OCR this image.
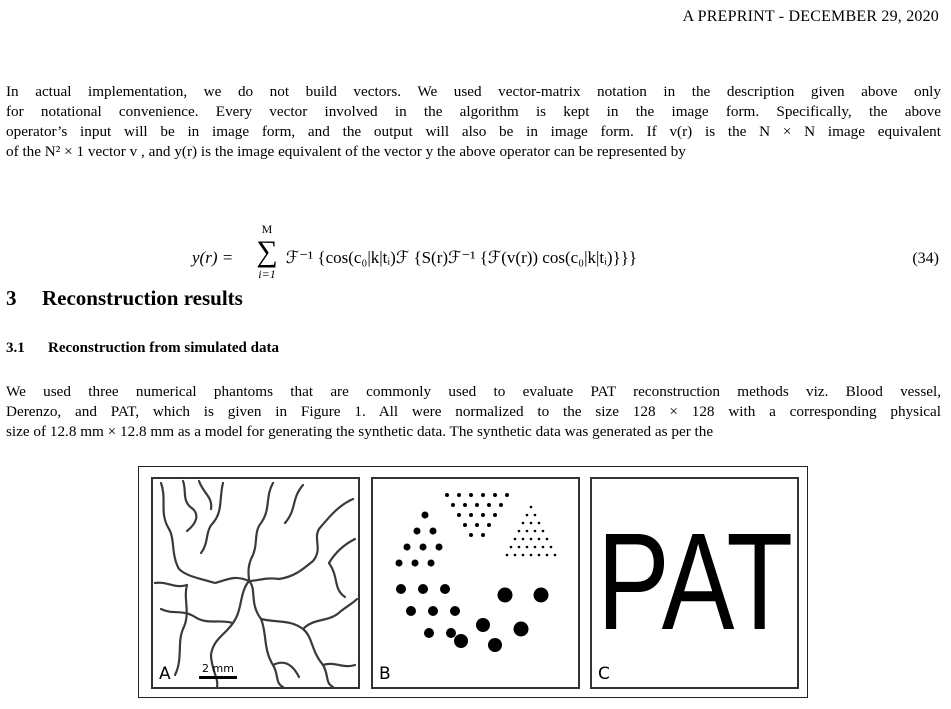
A PREPRINT - DECEMBER 29, 2020

In actual implementation, we do not build vectors. We used vector-matrix notation in the description given above only
for notational convenience. Every vector involved in the algorithm is kept in the image form. Specifically, the above
operator’s input will be in image form, and the output will also be in image form. If v(r) is the N × N image equivalent
of the N² × 1 vector v , and y(r) is the image equivalent of the vector y the above operator can be represented by

M
∑
i=1
y(r) =	ℱ⁻¹ {cos(c₀|k|tᵢ)ℱ {S(r)ℱ⁻¹ {ℱ(v(r)) cos(c₀|k|tᵢ)}}}	(34)
3 Reconstruction results
3.1 Reconstruction from simulated data

We used three numerical phantoms that are commonly used to evaluate PAT reconstruction methods viz. Blood vessel,
Derenzo, and PAT, which is given in Figure 1. All were normalized to the size 128 × 128 with a corresponding physical
size of 12.8 mm × 12.8 mm as a model for generating the synthetic data. The synthetic data was generated as per the

A	2 mm	B
PAT
C
